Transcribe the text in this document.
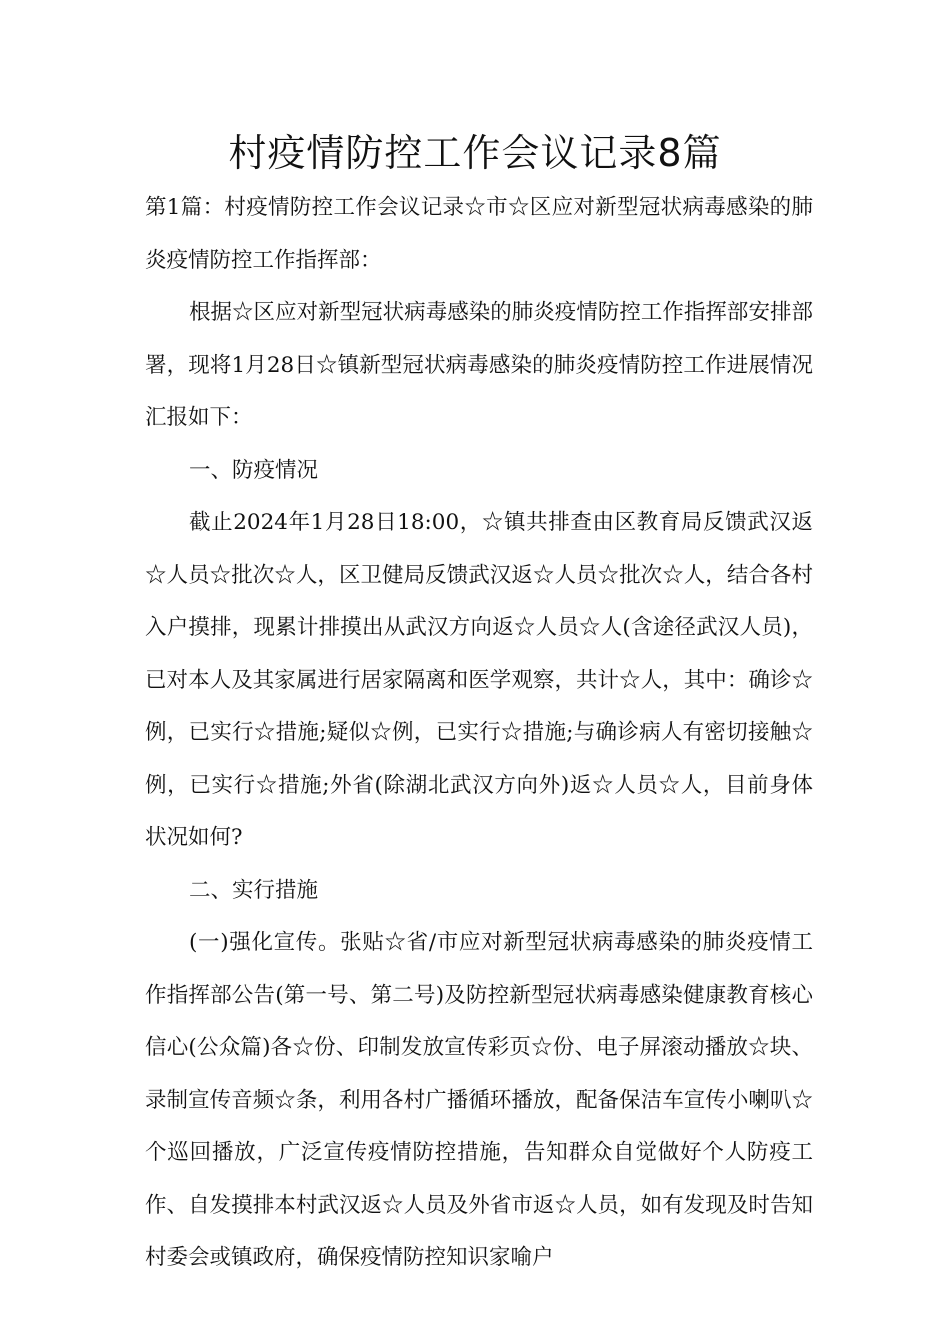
村疫情防控工作会议记录8篇

第1篇：村疫情防控工作会议记录☆市☆区应对新型冠状病毒感染的肺炎疫情防控工作指挥部：

根据☆区应对新型冠状病毒感染的肺炎疫情防控工作指挥部安排部署，现将1月28日☆镇新型冠状病毒感染的肺炎疫情防控工作进展情况汇报如下：

一、防疫情况

截止2024年1月28日18:00，☆镇共排查由区教育局反馈武汉返☆人员☆批次☆人，区卫健局反馈武汉返☆人员☆批次☆人，结合各村入户摸排，现累计排摸出从武汉方向返☆人员☆人(含途径武汉人员)，已对本人及其家属进行居家隔离和医学观察，共计☆人，其中：确诊☆例，已实行☆措施;疑似☆例，已实行☆措施;与确诊病人有密切接触☆例，已实行☆措施;外省(除湖北武汉方向外)返☆人员☆人，目前身体状况如何?

二、实行措施

(一)强化宣传。张贴☆省/市应对新型冠状病毒感染的肺炎疫情工作指挥部公告(第一号、第二号)及防控新型冠状病毒感染健康教育核心信心(公众篇)各☆份、印制发放宣传彩页☆份、电子屏滚动播放☆块、录制宣传音频☆条，利用各村广播循环播放，配备保洁车宣传小喇叭☆个巡回播放，广泛宣传疫情防控措施，告知群众自觉做好个人防疫工作、自发摸排本村武汉返☆人员及外省市返☆人员，如有发现及时告知村委会或镇政府，确保疫情防控知识家喻户
